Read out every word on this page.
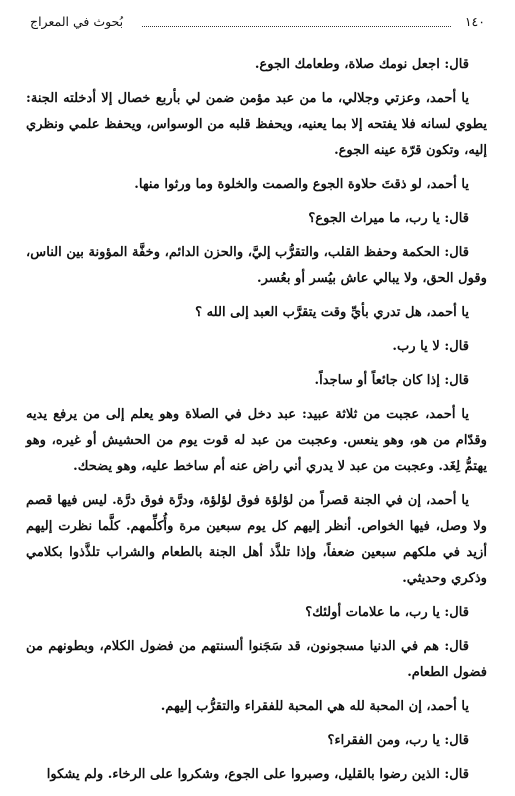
١٤٠
بُحوث في المعراج

قال: اجعل نومك صلاة، وطعامك الجوع.

يا أحمد، وعزتي وجلالي، ما من عبد مؤمن ضمن لي بأربع خصال إلا أدخلته الجنة: يطوي لسانه فلا يفتحه إلا بما يعنيه، ويحفظ قلبه من الوسواس، ويحفظ علمي ونظري إليه، وتكون قرّة عينه الجوع.

يا أحمد، لو ذقتَ حلاوة الجوع والصمت والخلوة وما ورثوا منها.

قال: يا رب، ما ميراث الجوع؟

قال: الحكمة وحفظ القلب، والتقرُّب إليَّ، والحزن الدائم، وخفَّة المؤونة بين الناس، وقول الحق، ولا يبالي عاش بيُسر أو بعُسر.

يا أحمد، هل تدري بأيِّ وقت يتقرَّب العبد إلى الله ؟

قال: لا يا رب.

قال: إذا كان جائعاً أو ساجداً.

يا أحمد، عجبت من ثلاثة عبيد: عبد دخل في الصلاة وهو يعلم إلى من يرفع يديه وقدّام من هو، وهو ينعس. وعجبت من عبد له قوت يوم من الحشيش أو غيره، وهو يهتمُّ لِغَد. وعجبت من عبد لا يدري أني راض عنه أم ساخط عليه، وهو يضحك.

يا أحمد، إن في الجنة قصراً من لؤلؤة فوق لؤلؤة، ودرَّة فوق درَّة. ليس فيها قصم ولا وصل، فيها الخواص. أنظر إليهم كل يوم سبعين مرة وأُكلِّمهم. كلَّما نظرت إليهم أزيد في ملكهم سبعين ضعفاً، وإذا تلذَّذ أهل الجنة بالطعام والشراب تلذَّذوا بكلامي وذكري وحديثي.

قال: يا رب، ما علامات أولئك؟

قال: هم في الدنيا مسجونون، قد سَجَنوا ألسنتهم من فضول الكلام، وبطونهم من فضول الطعام.

يا أحمد، إن المحبة لله هي المحبة للفقراء والتقرُّب إليهم.

قال: يا رب، ومن الفقراء؟

قال: الذين رضوا بالقليل، وصبروا على الجوع، وشكروا على الرخاء. ولم يشكوا
